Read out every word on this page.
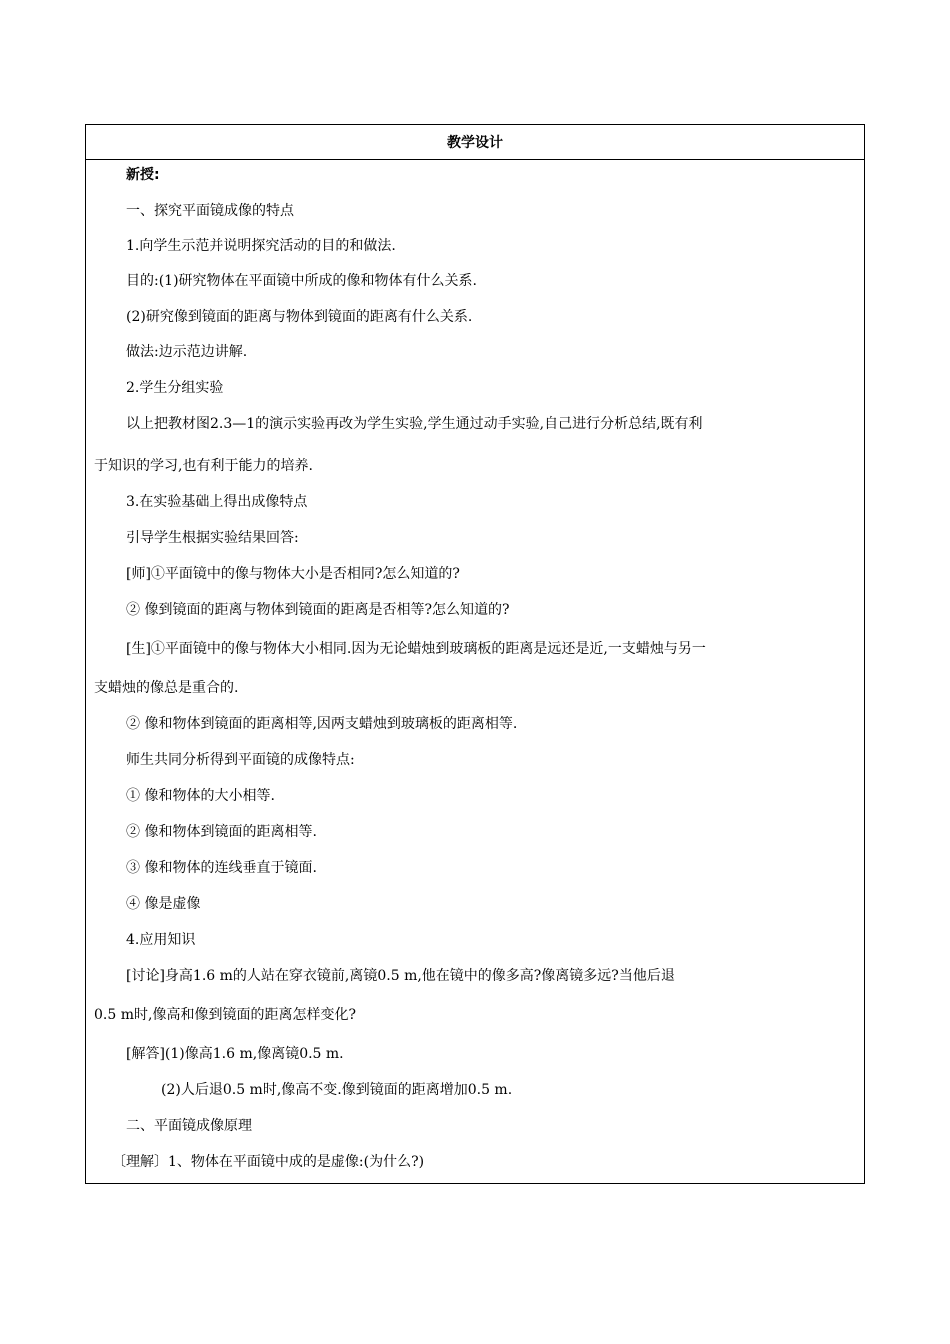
教学设计
新授:
一、探究平面镜成像的特点
1.向学生示范并说明探究活动的目的和做法.
目的:(1)研究物体在平面镜中所成的像和物体有什么关系.
(2)研究像到镜面的距离与物体到镜面的距离有什么关系.
做法:边示范边讲解.
2.学生分组实验
以上把教材图2.3—1的演示实验再改为学生实验,学生通过动手实验,自己进行分析总结,既有利
于知识的学习,也有利于能力的培养.
3.在实验基础上得出成像特点
引导学生根据实验结果回答:
[师]①平面镜中的像与物体大小是否相同?怎么知道的?
② 像到镜面的距离与物体到镜面的距离是否相等?怎么知道的?
[生]①平面镜中的像与物体大小相同.因为无论蜡烛到玻璃板的距离是远还是近,一支蜡烛与另一
支蜡烛的像总是重合的.
② 像和物体到镜面的距离相等,因两支蜡烛到玻璃板的距离相等.
师生共同分析得到平面镜的成像特点:
① 像和物体的大小相等.
② 像和物体到镜面的距离相等.
③ 像和物体的连线垂直于镜面.
④ 像是虚像
4.应用知识
[讨论]身高1.6 m的人站在穿衣镜前,离镜0.5 m,他在镜中的像多高?像离镜多远?当他后退
0.5 m时,像高和像到镜面的距离怎样变化?
[解答](1)像高1.6 m,像离镜0.5 m.
(2)人后退0.5 m时,像高不变.像到镜面的距离增加0.5 m.
二、平面镜成像原理
〔理解〕1、物体在平面镜中成的是虚像:(为什么?)
